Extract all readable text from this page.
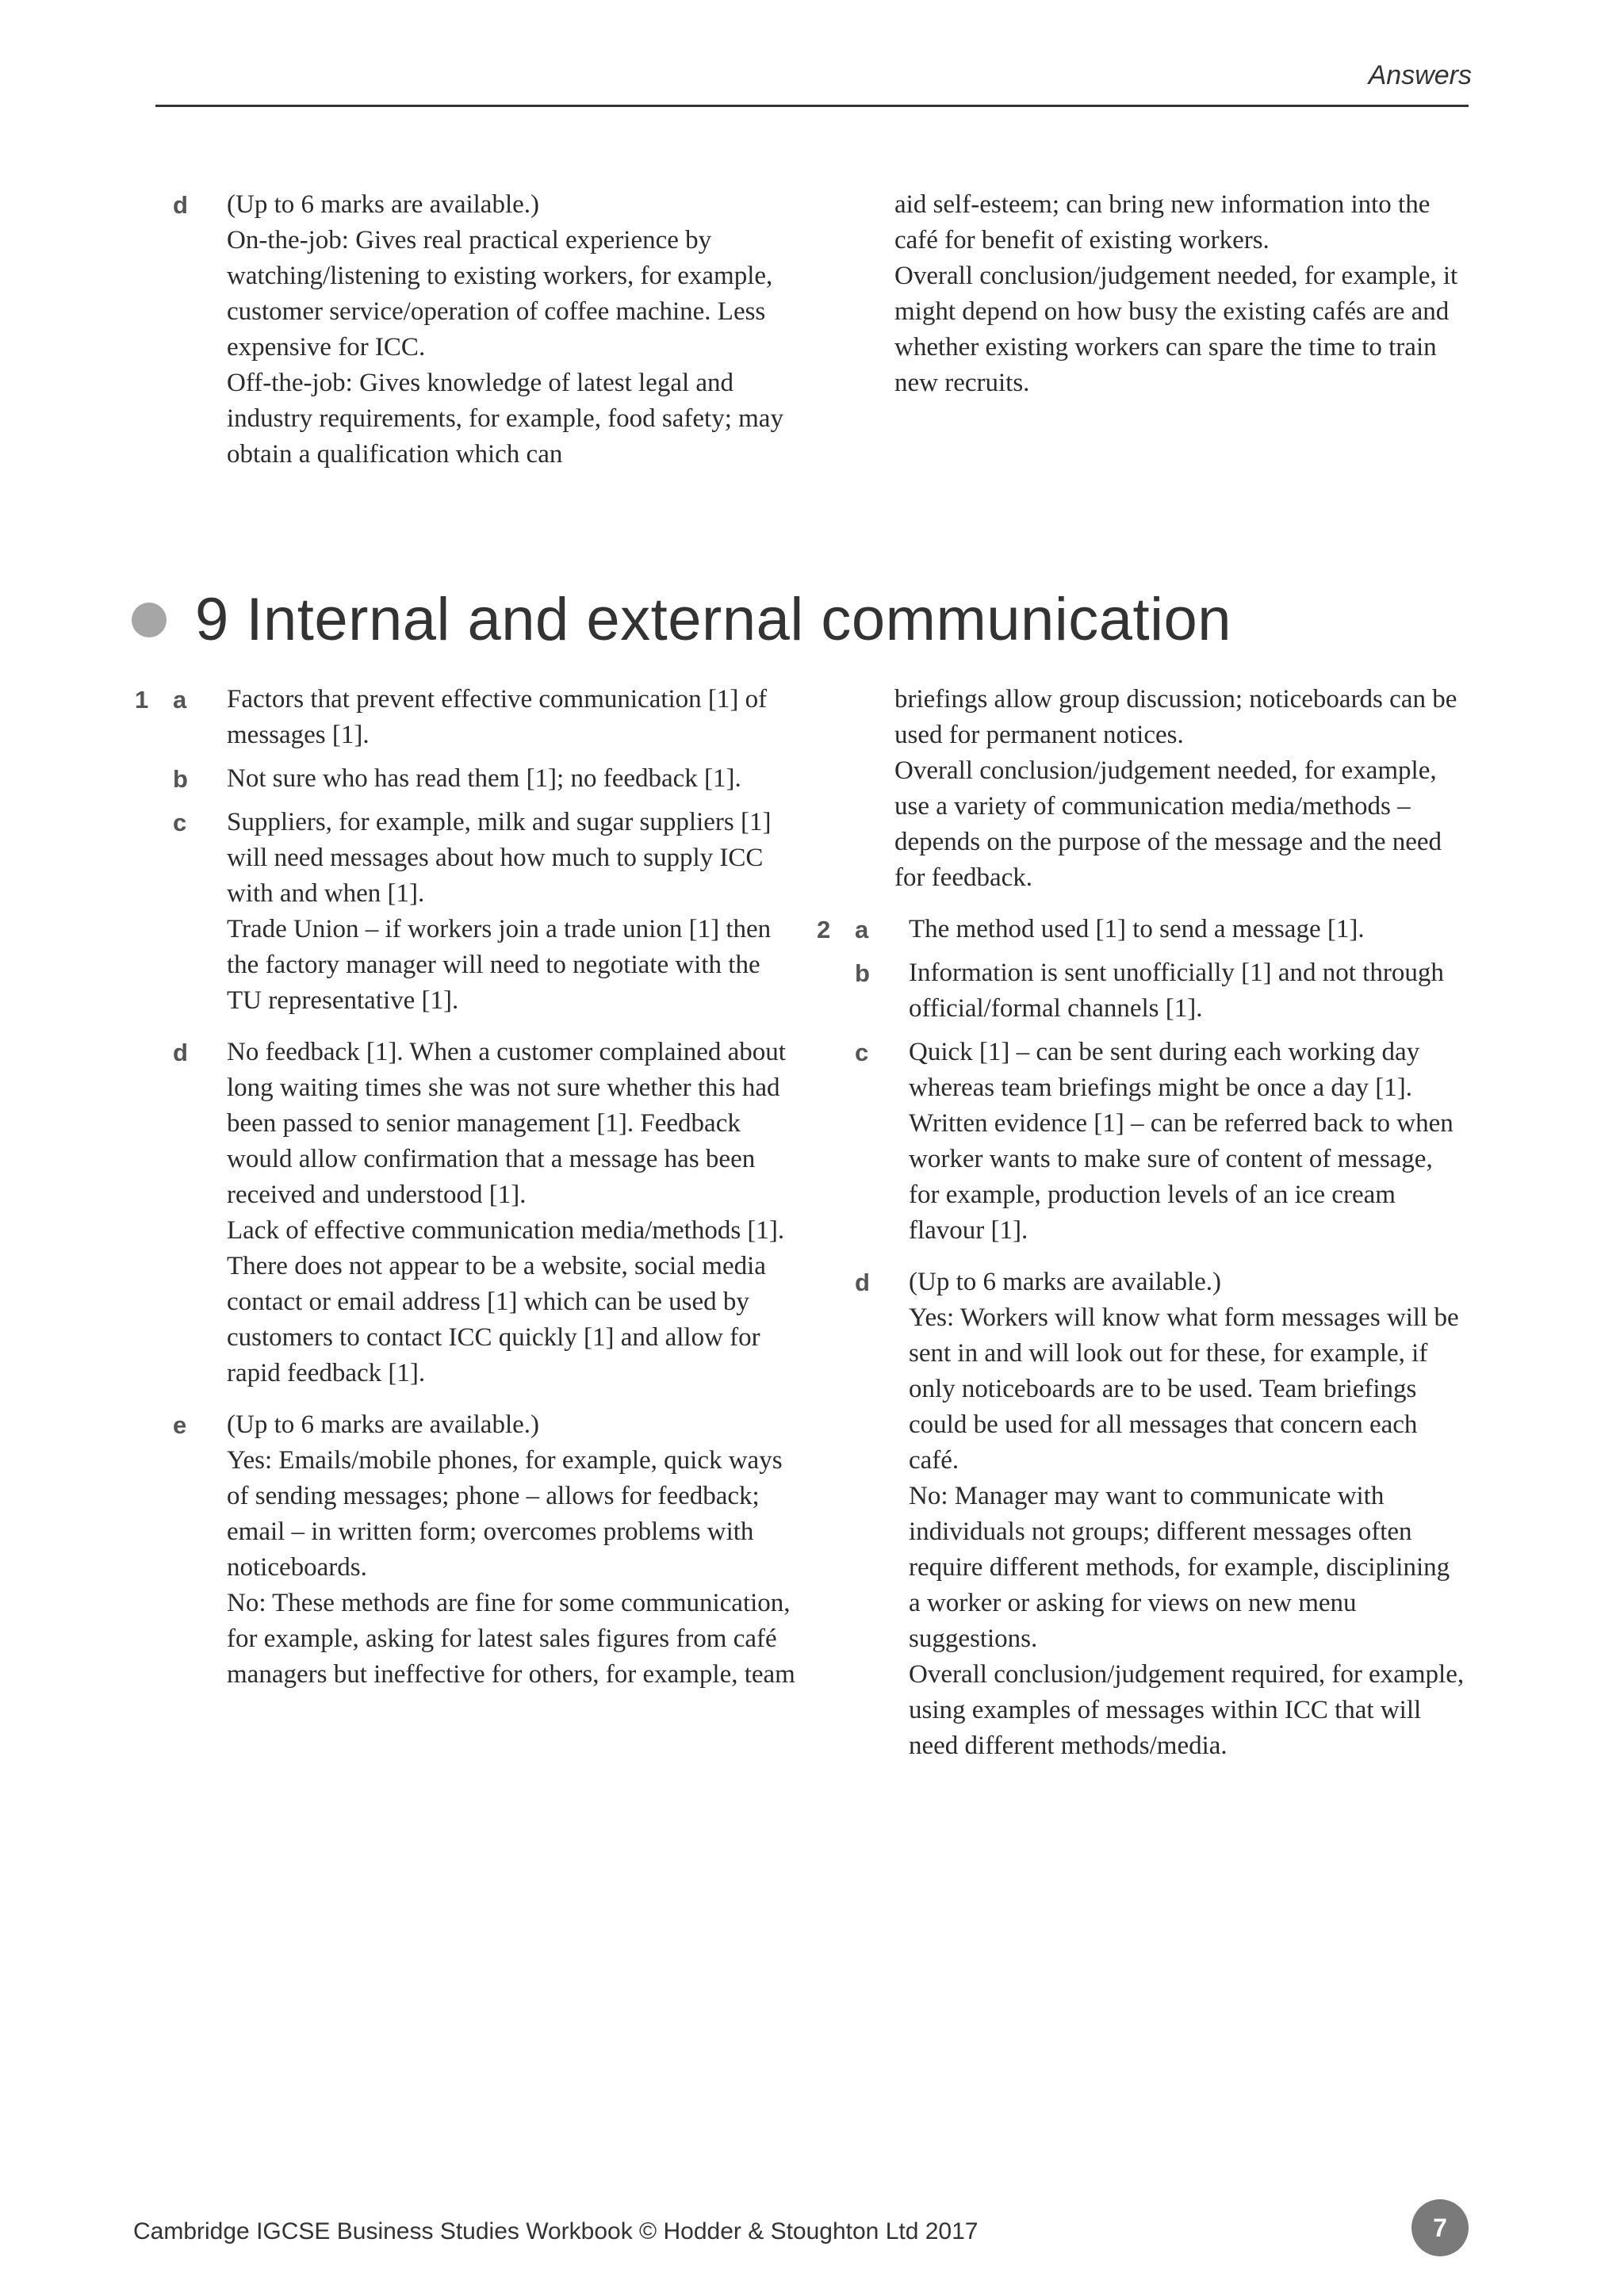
Answers
d	(Up to 6 marks are available.)

On-the-job: Gives real practical experience by watching/listening to existing workers, for example, customer service/operation of coffee machine. Less expensive for ICC.

Off-the-job: Gives knowledge of latest legal and industry requirements, for example, food safety; may obtain a qualification which can

aid self-esteem; can bring new information into the café for benefit of existing workers.

Overall conclusion/judgement needed, for example, it might depend on how busy the existing cafés are and whether existing workers can spare the time to train new recruits.

9 Internal and external communication
1 a	Factors that prevent effective communication [1] of messages [1].

b	Not sure who has read them [1]; no feedback [1].

c	Suppliers, for example, milk and sugar suppliers [1] will need messages about how much to supply ICC with and when [1].

Trade Union – if workers join a trade union [1] then the factory manager will need to negotiate with the TU representative [1].

d	No feedback [1]. When a customer complained about long waiting times she was not sure whether this had been passed to senior management [1]. Feedback would allow confirmation that a message has been received and understood [1].

Lack of effective communication media/methods [1]. There does not appear to be a website, social media contact or email address [1] which can be used by customers to contact ICC quickly [1] and allow for rapid feedback [1].

e	(Up to 6 marks are available.)

Yes: Emails/mobile phones, for example, quick ways of sending messages; phone – allows for feedback; email – in written form; overcomes problems with noticeboards.

No: These methods are fine for some communication, for example, asking for latest sales figures from café managers but ineffective for others, for example, team

briefings allow group discussion; noticeboards can be used for permanent notices.

Overall conclusion/judgement needed, for example, use a variety of communication media/methods – depends on the purpose of the message and the need for feedback.

2 a	The method used [1] to send a message [1].

b	Information is sent unofficially [1] and not through official/formal channels [1].

c	Quick [1] – can be sent during each working day whereas team briefings might be once a day [1].

Written evidence [1] – can be referred back to when worker wants to make sure of content of message, for example, production levels of an ice cream flavour [1].

d	(Up to 6 marks are available.)

Yes: Workers will know what form messages will be sent in and will look out for these, for example, if only noticeboards are to be used. Team briefings could be used for all messages that concern each café.

No: Manager may want to communicate with individuals not groups; different messages often require different methods, for example, disciplining a worker or asking for views on new menu suggestions.

Overall conclusion/judgement required, for example, using examples of messages within ICC that will need different methods/media.

Cambridge IGCSE Business Studies Workbook © Hodder & Stoughton Ltd 2017	7
